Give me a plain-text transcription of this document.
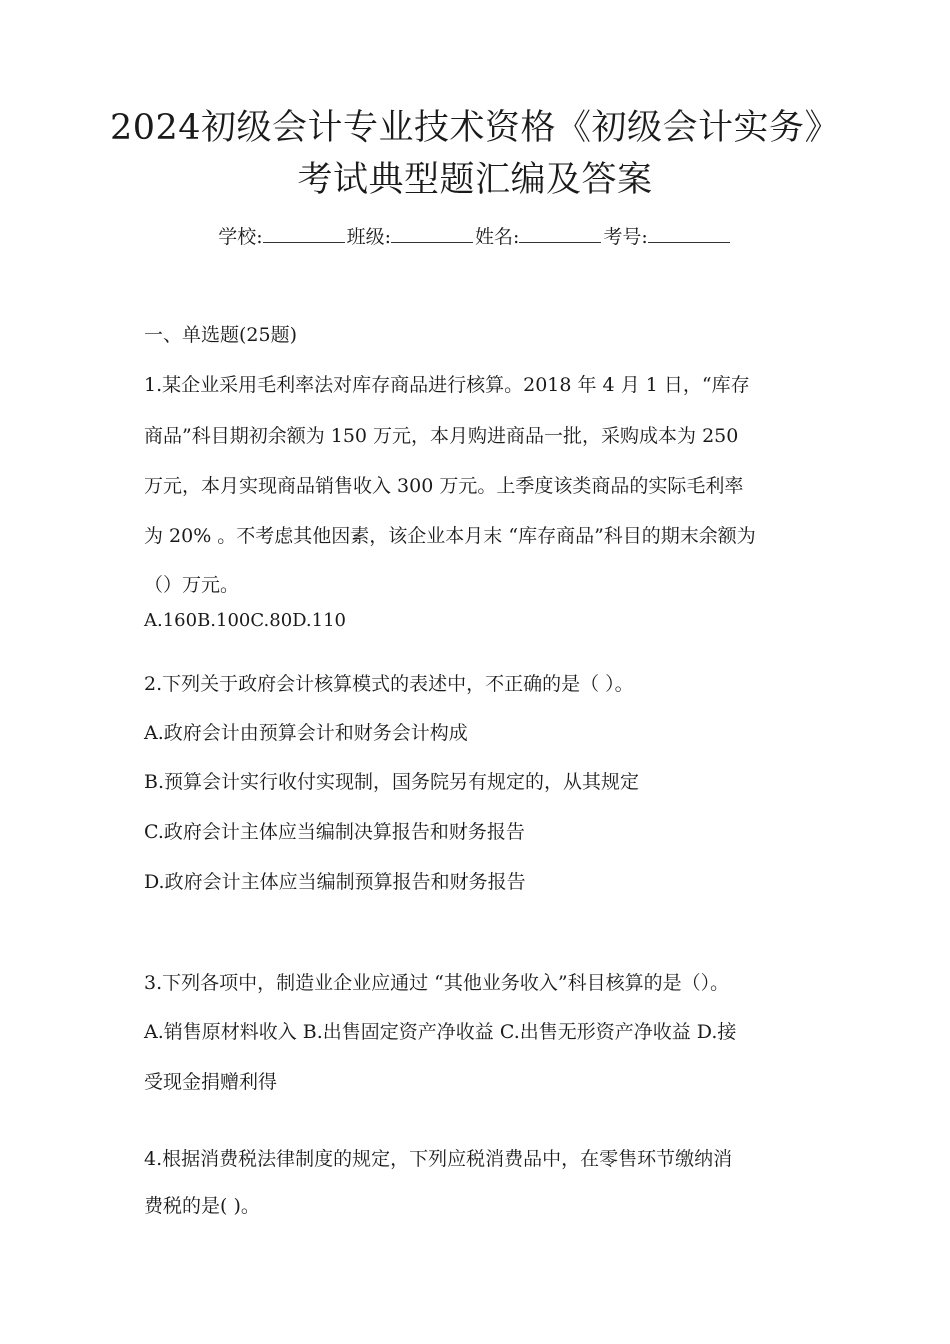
2024初级会计专业技术资格《初级会计实务》
考试典型题汇编及答案
学校:	班级:	姓名:	考号:
一、单选题(25题)
1.某企业采用毛利率法对库存商品进行核算。2018 年 4 月 1 日，“库存
商品”科目期初余额为 150 万元，本月购进商品一批，采购成本为 250
万元，本月实现商品销售收入 300 万元。上季度该类商品的实际毛利率
为 20% 。不考虑其他因素，该企业本月末 “库存商品”科目的期末余额为
（）万元。
A.160B.100C.80D.110
2.下列关于政府会计核算模式的表述中，不正确的是（ ）。
A.政府会计由预算会计和财务会计构成
B.预算会计实行收付实现制，国务院另有规定的，从其规定
C.政府会计主体应当编制决算报告和财务报告
D.政府会计主体应当编制预算报告和财务报告
3.下列各项中，制造业企业应通过 “其他业务收入”科目核算的是（）。
A.销售原材料收入 B.出售固定资产净收益 C.出售无形资产净收益 D.接
受现金捐赠利得
4.根据消费税法律制度的规定，下列应税消费品中，在零售环节缴纳消
费税的是( )。
